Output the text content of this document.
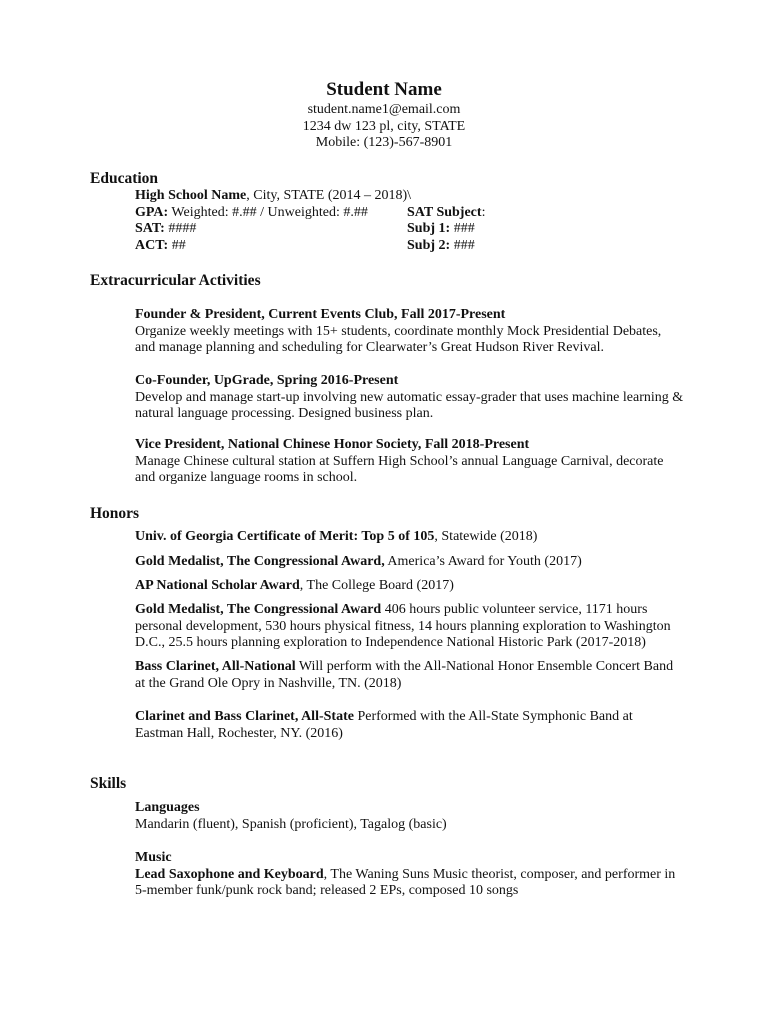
Student Name
student.name1@email.com
1234 dw 123 pl, city, STATE
Mobile: (123)-567-8901
Education
High School Name, City, STATE (2014 – 2018)\
GPA: Weighted: #.## / Unweighted: #.##	SAT Subject:
SAT: ####	Subj 1: ###
ACT: ##	Subj 2: ###
Extracurricular Activities
Founder & President, Current Events Club, Fall 2017-Present
Organize weekly meetings with 15+ students, coordinate monthly Mock Presidential Debates,
and manage planning and scheduling for Clearwater’s Great Hudson River Revival.
Co-Founder, UpGrade, Spring 2016-Present
Develop and manage start-up involving new automatic essay-grader that uses machine learning &
natural language processing. Designed business plan.
Vice President, National Chinese Honor Society, Fall 2018-Present
Manage Chinese cultural station at Suffern High School’s annual Language Carnival, decorate
and organize language rooms in school.
Honors
Univ. of Georgia Certificate of Merit: Top 5 of 105, Statewide (2018)
Gold Medalist, The Congressional Award, America’s Award for Youth (2017)
AP National Scholar Award, The College Board (2017)
Gold Medalist, The Congressional Award 406 hours public volunteer service, 1171 hours
personal development, 530 hours physical fitness, 14 hours planning exploration to Washington
D.C., 25.5 hours planning exploration to Independence National Historic Park (2017-2018)
Bass Clarinet, All-National Will perform with the All-National Honor Ensemble Concert Band
at the Grand Ole Opry in Nashville, TN. (2018)
Clarinet and Bass Clarinet, All-State Performed with the All-State Symphonic Band at
Eastman Hall, Rochester, NY. (2016)
Skills
Languages
Mandarin (fluent), Spanish (proficient), Tagalog (basic)
Music
Lead Saxophone and Keyboard, The Waning Suns Music theorist, composer, and performer in
5-member funk/punk rock band; released 2 EPs, composed 10 songs
